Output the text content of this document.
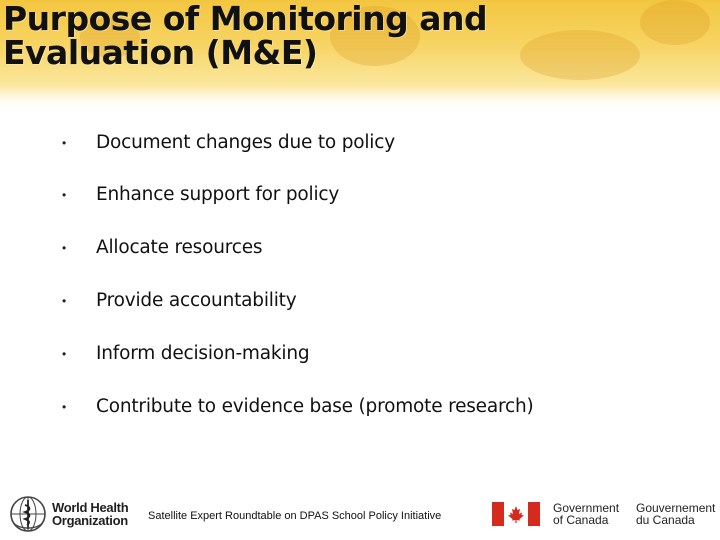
Purpose of Monitoring and
Evaluation (M&E)
• Document changes due to policy
• Enhance support for policy
• Allocate resources
• Provide accountability
• Inform decision-making
• Contribute to evidence base (promote research)
World Health
Organization Satellite Expert Roundtable on DPAS School Policy Initiative
Government
of Canada
Gouvernement
du Canada
